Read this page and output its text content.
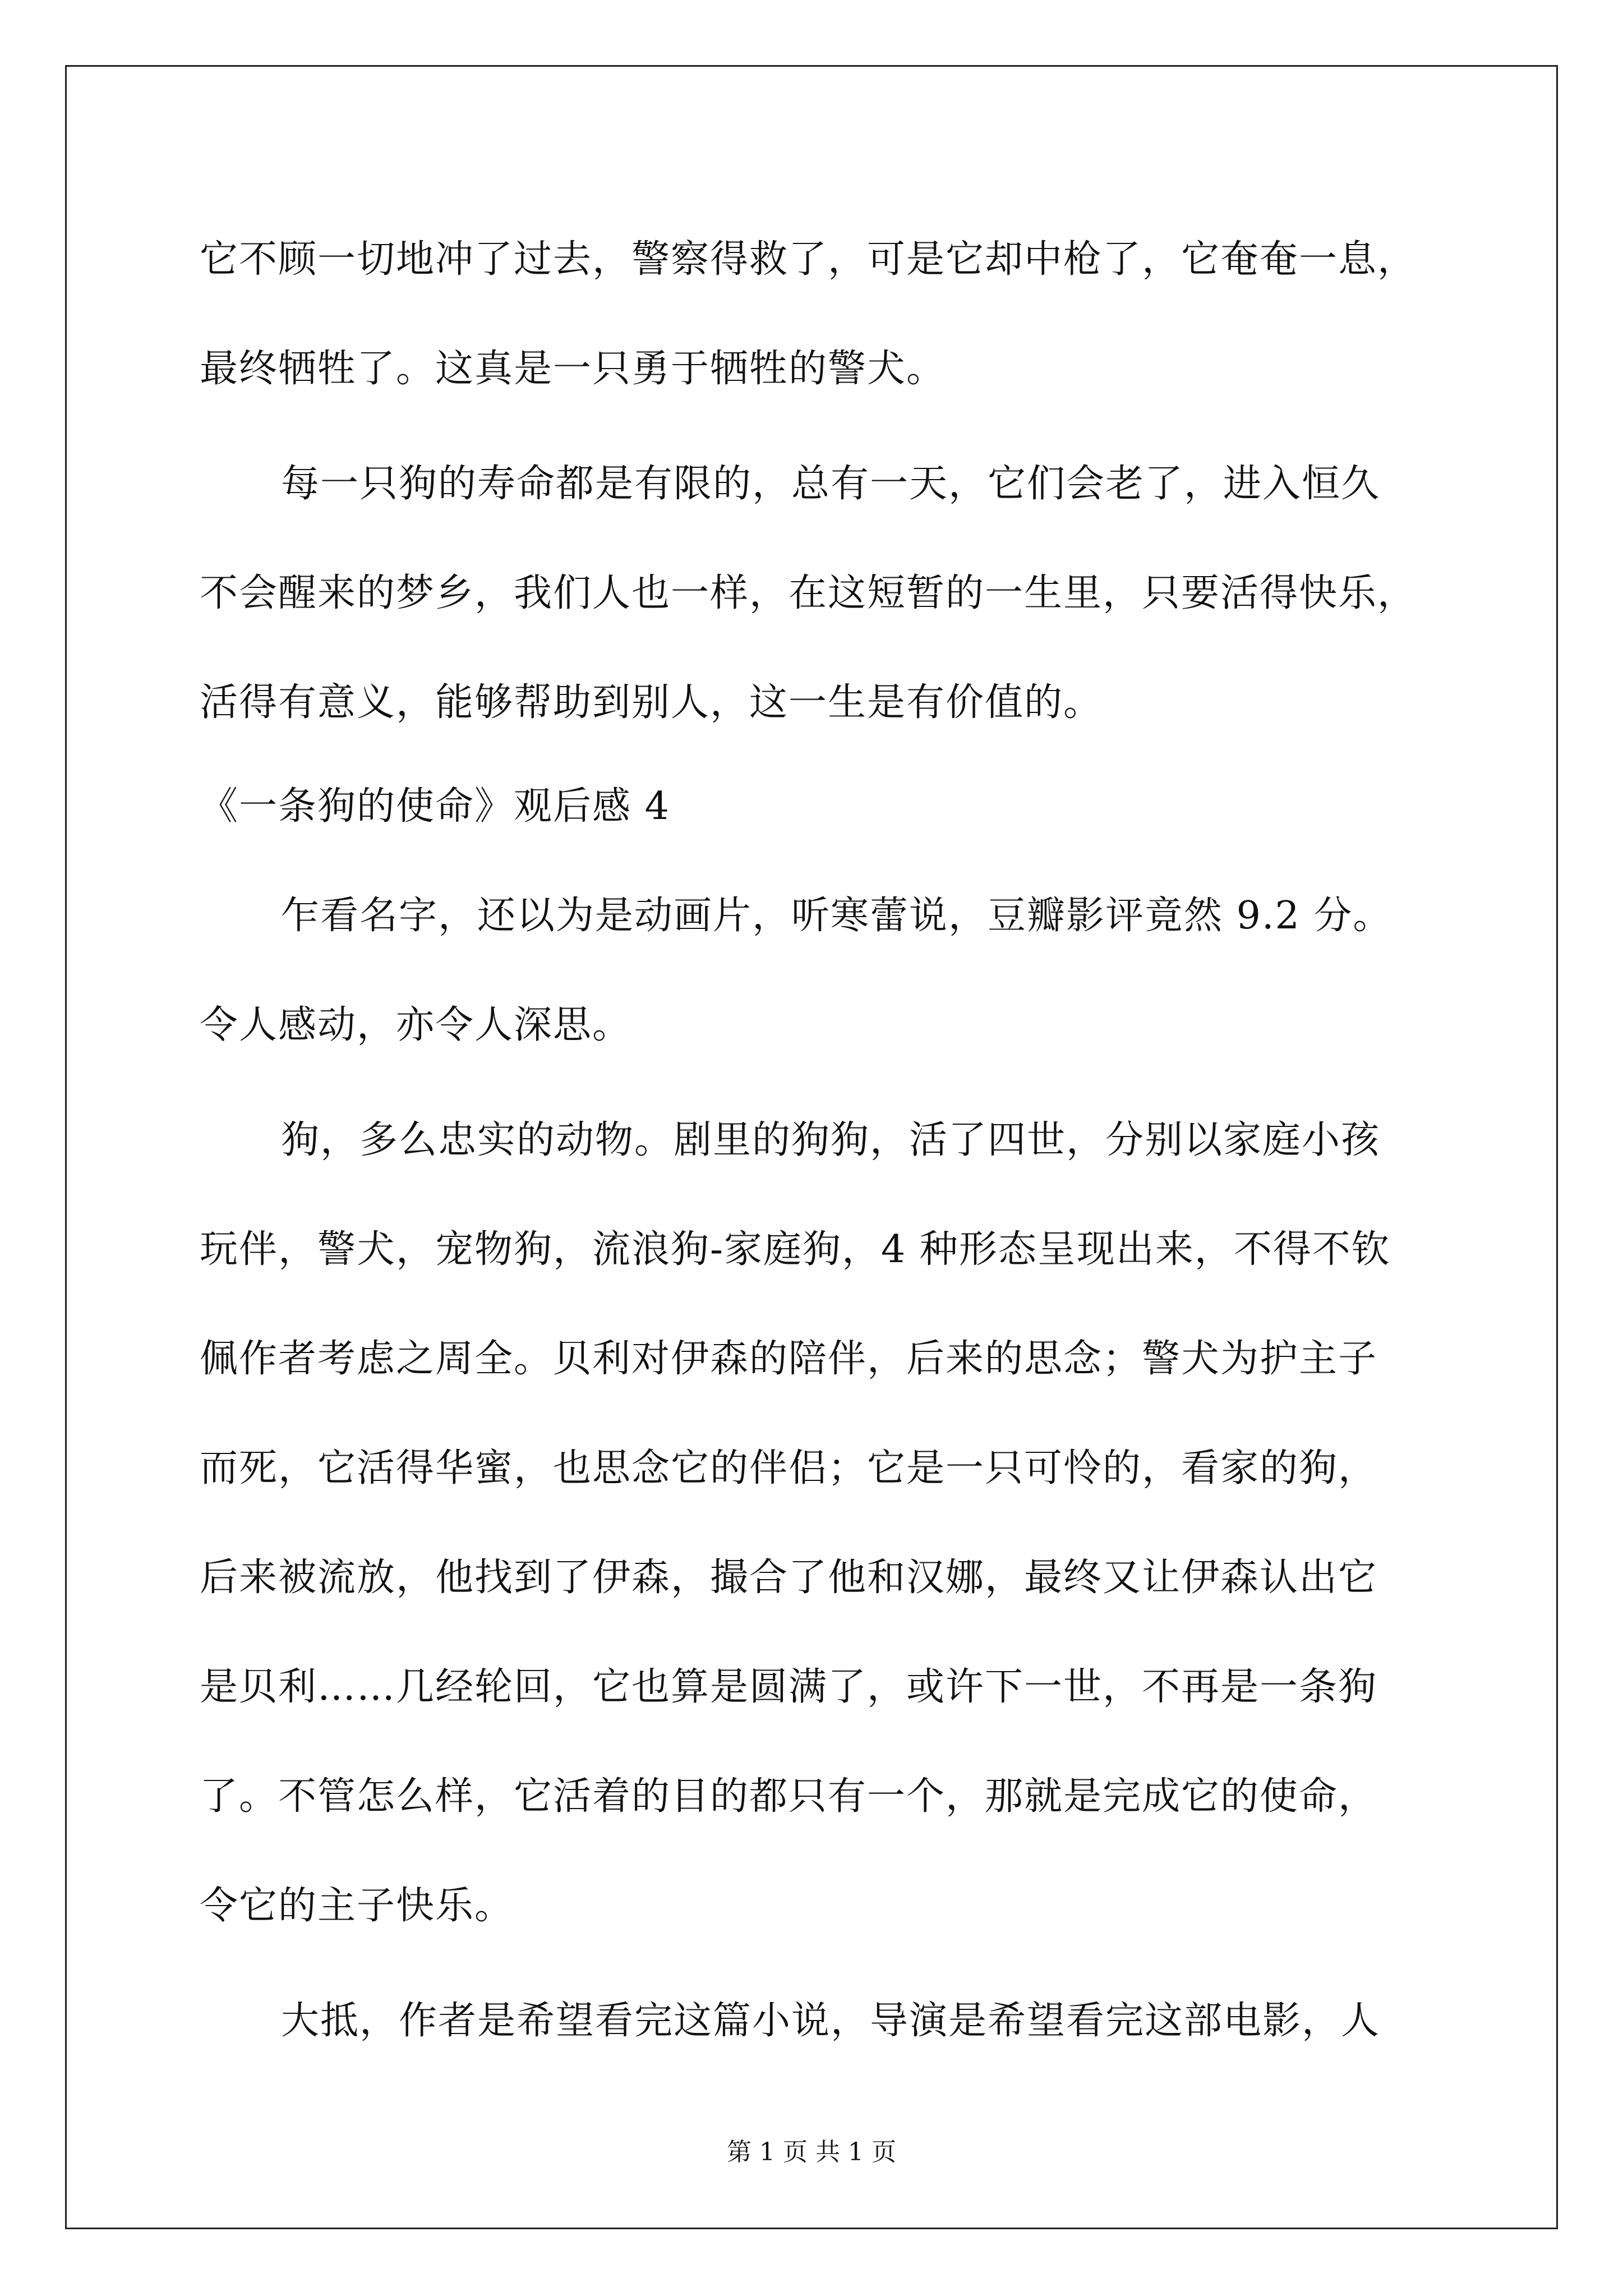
它不顾一切地冲了过去，警察得救了，可是它却中枪了，它奄奄一息，
最终牺牲了。这真是一只勇于牺牲的警犬。
每一只狗的寿命都是有限的，总有一天，它们会老了，进入恒久
不会醒来的梦乡，我们人也一样，在这短暂的一生里，只要活得快乐，
活得有意义，能够帮助到别人，这一生是有价值的。
《一条狗的使命》观后感 4
乍看名字，还以为是动画片，听寒蕾说，豆瓣影评竟然 9.2 分。
令人感动，亦令人深思。
狗，多么忠实的动物。剧里的狗狗，活了四世，分别以家庭小孩
玩伴，警犬，宠物狗，流浪狗-家庭狗，4 种形态呈现出来，不得不钦
佩作者考虑之周全。贝利对伊森的陪伴，后来的思念；警犬为护主子
而死，它活得华蜜，也思念它的伴侣；它是一只可怜的，看家的狗，
后来被流放，他找到了伊森，撮合了他和汉娜，最终又让伊森认出它
是贝利……几经轮回，它也算是圆满了，或许下一世，不再是一条狗
了。不管怎么样，它活着的目的都只有一个，那就是完成它的使命，
令它的主子快乐。
大抵，作者是希望看完这篇小说，导演是希望看完这部电影，人
第 1 页 共 1 页
